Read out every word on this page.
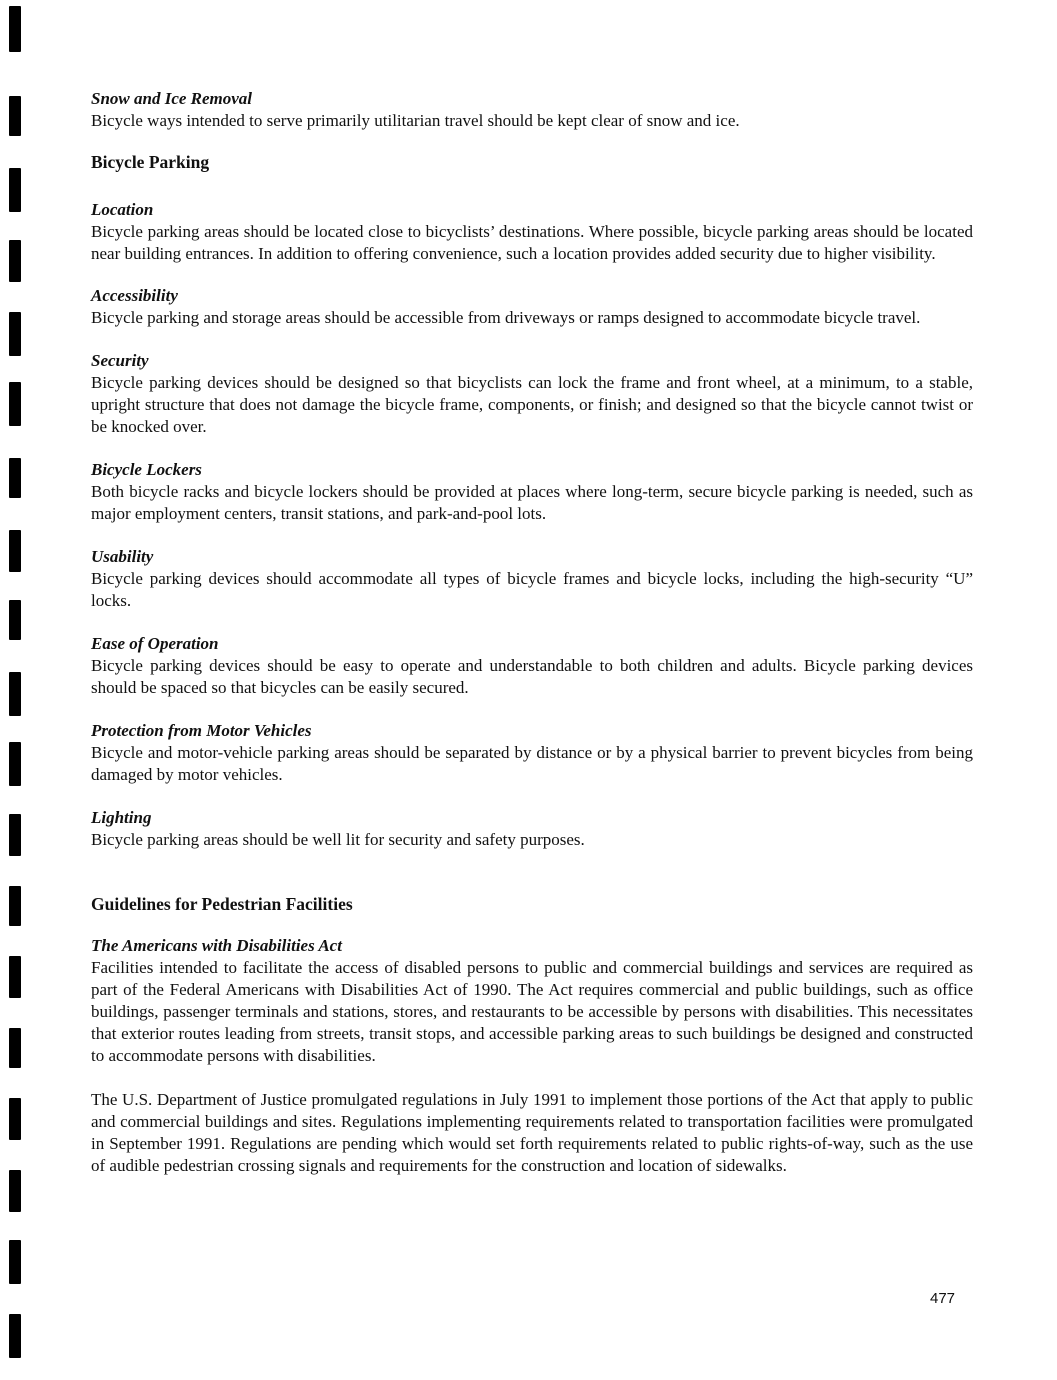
Snow and Ice Removal

Bicycle ways intended to serve primarily utilitarian travel should be kept clear of snow and ice.

Bicycle Parking

Location

Bicycle parking areas should be located close to bicyclists’ destinations. Where possible, bicycle parking areas should be located near building entrances. In addition to offering convenience, such a location provides added security due to higher visibility.

Accessibility

Bicycle parking and storage areas should be accessible from driveways or ramps designed to accommodate bicycle travel.

Security

Bicycle parking devices should be designed so that bicyclists can lock the frame and front wheel, at a minimum, to a stable, upright structure that does not damage the bicycle frame, components, or finish; and designed so that the bicycle cannot twist or be knocked over.

Bicycle Lockers

Both bicycle racks and bicycle lockers should be provided at places where long-term, secure bicycle parking is needed, such as major employment centers, transit stations, and park-and-pool lots.

Usability

Bicycle parking devices should accommodate all types of bicycle frames and bicycle locks, including the high-security “U” locks.

Ease of Operation

Bicycle parking devices should be easy to operate and understandable to both children and adults. Bicycle parking devices should be spaced so that bicycles can be easily secured.

Protection from Motor Vehicles

Bicycle and motor-vehicle parking areas should be separated by distance or by a physical barrier to prevent bicycles from being damaged by motor vehicles.

Lighting

Bicycle parking areas should be well lit for security and safety purposes.

Guidelines for Pedestrian Facilities

The Americans with Disabilities Act

Facilities intended to facilitate the access of disabled persons to public and commercial buildings and services are required as part of the Federal Americans with Disabilities Act of 1990. The Act requires commercial and public buildings, such as office buildings, passenger terminals and stations, stores, and restaurants to be accessible by persons with disabilities. This necessitates that exterior routes leading from streets, transit stops, and accessible parking areas to such buildings be designed and constructed to accommodate persons with disabilities.

The U.S. Department of Justice promulgated regulations in July 1991 to implement those portions of the Act that apply to public and commercial buildings and sites. Regulations implementing requirements related to transportation facilities were promulgated in September 1991. Regulations are pending which would set forth requirements related to public rights-of-way, such as the use of audible pedestrian crossing signals and requirements for the construction and location of sidewalks.

477
